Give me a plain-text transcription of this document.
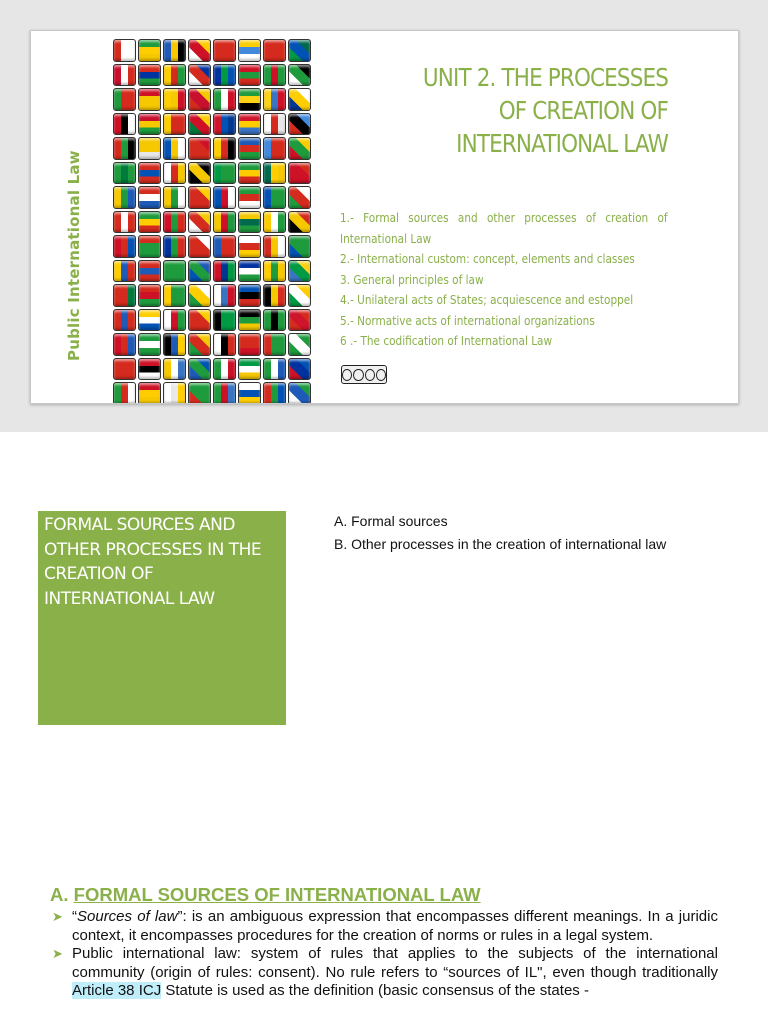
Public International Law
UNIT 2. THE PROCESSES
OF CREATION OF
INTERNATIONAL LAW
1.- Formal sources and other processes of creation of International Law
2.- International custom: concept, elements and classes
3. General principles of law
4.- Unilateral acts of States; acquiescence and estoppel
5.- Normative acts of international organizations
6 .- The codification of International Law
FORMAL SOURCES AND OTHER PROCESSES IN THE CREATION OF INTERNATIONAL LAW
A. Formal sources
B. Other processes in the creation of international law
A. FORMAL SOURCES OF INTERNATIONAL LAW
➤ “Sources of law”: is an ambiguous expression that encompasses different meanings. In a juridic context, it encompasses procedures for the creation of norms or rules in a legal system.
➤ Public international law: system of rules that applies to the subjects of the international community (origin of rules: consent). No rule refers to “sources of IL", even though traditionally Article 38 ICJ Statute is used as the definition (basic consensus of the states -
